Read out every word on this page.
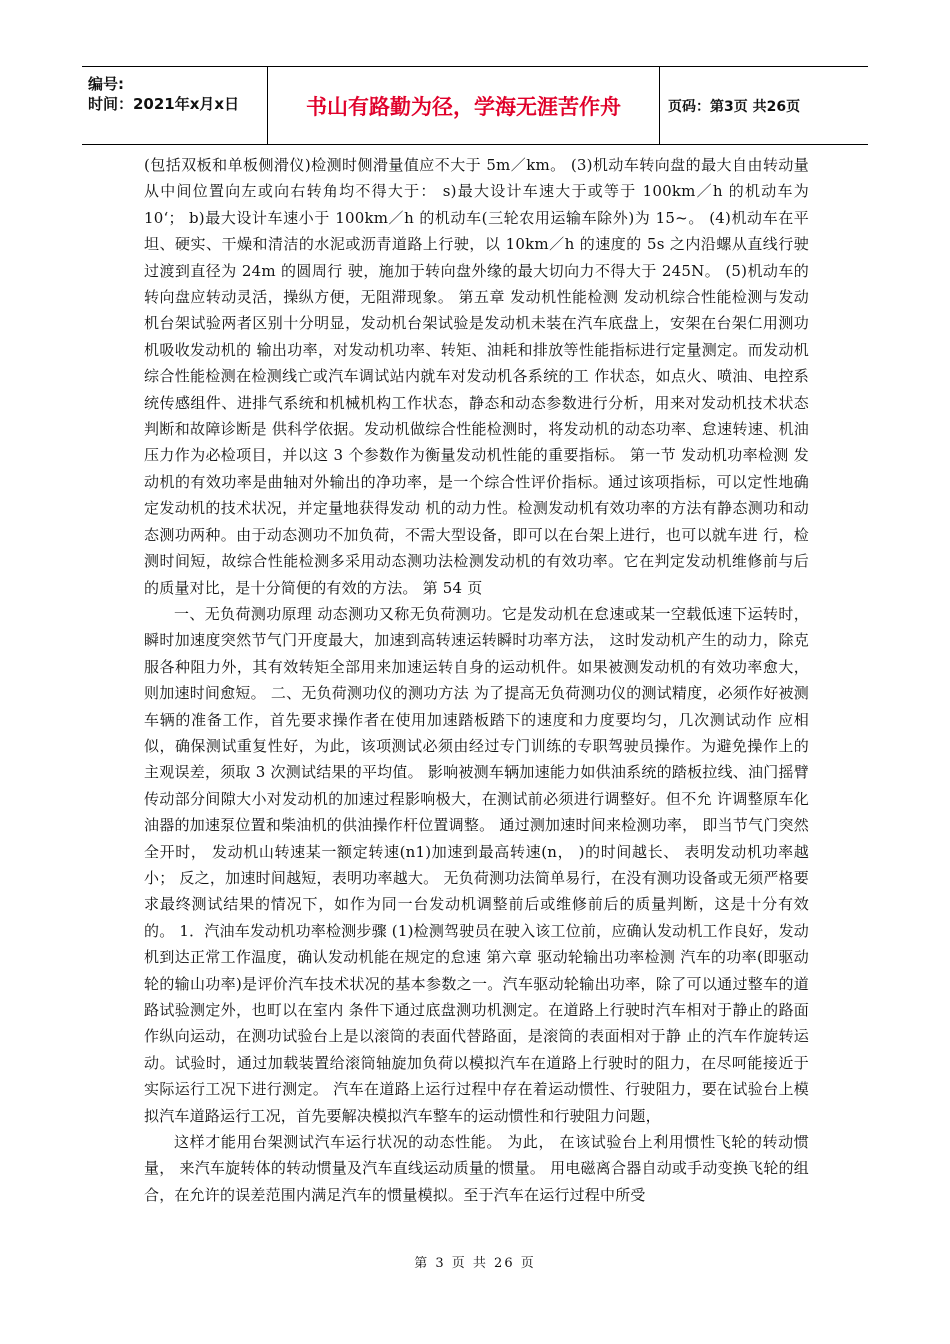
编号:
时间：2021年x月x日	书山有路勤为径，学海无涯苦作舟	页码：第3页 共26页

(包括双板和单板侧滑仪)检测时侧滑量值应不大于 5m／km。 (3)机动车转向盘的最大自由转动量从中间位置向左或向右转角均不得大于： s)最大设计车速大于或等于 100km／h 的机动车为 10‘； b)最大设计车速小于 100km／h 的机动车(三轮农用运输车除外)为 15~。 (4)机动车在平坦、硬实、干燥和清洁的水泥或沥青道路上行驶，以 10km／h 的速度的 5s 之内沿螺从直线行驶过渡到直径为 24m 的圆周行 驶，施加于转向盘外缘的最大切向力不得大于 245N。 (5)机动车的转向盘应转动灵活，操纵方便，无阻滞现象。 第五章 发动机性能检测 发动机综合性能检测与发动机台架试验两者区别十分明显，发动机台架试验是发动机未装在汽车底盘上，安架在台架仁用测功机吸收发动机的 输出功率，对发动机功率、转矩、油耗和排放等性能指标进行定量测定。而发动机综合性能检测在检测线亡或汽车调试站内就车对发动机各系统的工 作状态，如点火、喷油、电控系统传感组件、进排气系统和机械机构工作状态，静态和动态参数进行分析，用来对发动机技术状态判断和故障诊断是 供科学依据。发动机做综合性能检测时，将发动机的动态功率、怠速转速、机油压力作为必检项目，并以这 3 个参数作为衡量发动机性能的重要指标。 第一节 发动机功率检测 发动机的有效功率是曲轴对外输出的净功率，是一个综合性评价指标。通过该项指标，可以定性地确定发动机的技术状况，并定量地获得发动 机的动力性。检测发动机有效功率的方法有静态测功和动态测功两种。由于动态测功不加负荷，不需大型设备，即可以在台架上进行，也可以就车进 行，检测时间短，故综合性能检测多采用动态测功法检测发动机的有效功率。它在判定发动机维修前与后的质量对比，是十分简便的有效的方法。 第 54 页

一、无负荷测功原理 动态测功又称无负荷测功。它是发动机在怠速或某一空载低速下运转时，瞬时加速度突然节气门开度最大，加速到高转速运转瞬时功率方法， 这时发动机产生的动力，除克服各种阻力外，其有效转矩全部用来加速运转自身的运动机件。如果被测发动机的有效功率愈大，则加速时间愈短。 二、无负荷测功仪的测功方法 为了提高无负荷测功仪的测试精度，必须作好被测车辆的准备工作，首先要求操作者在使用加速踏板踏下的速度和力度要均匀，几次测试动作 应相似，确保测试重复性好，为此，该项测试必须由经过专门训练的专职驾驶员操作。为避免操作上的主观误差，须取 3 次测试结果的平均值。 影响被测车辆加速能力如供油系统的踏板拉线、油门摇臂传动部分间隙大小对发动机的加速过程影响极大，在测试前必须进行调整好。但不允 许调整原车化油器的加速泵位置和柴油机的供油操作杆位置调整。 通过测加速时间来检测功率， 即当节气门突然全开时， 发动机山转速某一额定转速(n1)加速到最高转速(n， )的时间越长、 表明发动机功率越小； 反之，加速时间越短，表明功率越大。 无负荷测功法简单易行，在没有测功设备或无须严格要求最终测试结果的情况下，如作为同一台发动机调整前后或维修前后的质量判断，这是十分有效的。 1．汽油车发动机功率检测步骤 (1)检测驾驶员在驶入该工位前，应确认发动机工作良好，发动机到达正常工作温度，确认发动机能在规定的怠速 第六章 驱动轮输出功率检测 汽车的功率(即驱动轮的输山功率)是评价汽车技术状况的基本参数之一。汽车驱动轮输出功率，除了可以通过整车的道路试验测定外，也町以在室内 条件下通过底盘测功机测定。在道路上行驶时汽车相对于静止的路面作纵向运动，在测功试验台上是以滚筒的表面代替路面，是滚筒的表面相对于静 止的汽车作旋转运动。试验时，通过加载装置给滚筒轴旋加负荷以模拟汽车在道路上行驶时的阻力，在尽呵能接近于实际运行工况下进行测定。 汽车在道路上运行过程中存在着运动惯性、行驶阻力，要在试验台上模拟汽车道路运行工况，首先要解决模拟汽车整车的运动惯性和行驶阻力问题，

这样才能用台架测试汽车运行状况的动态性能。 为此， 在该试验台上利用惯性飞轮的转动惯量， 来汽车旋转体的转动惯量及汽车直线运动质量的惯量。 用电磁离合器自动或手动变换飞轮的组合，在允许的误差范围内满足汽车的惯量模拟。至于汽车在运行过程中所受

第 3 页 共 26 页
